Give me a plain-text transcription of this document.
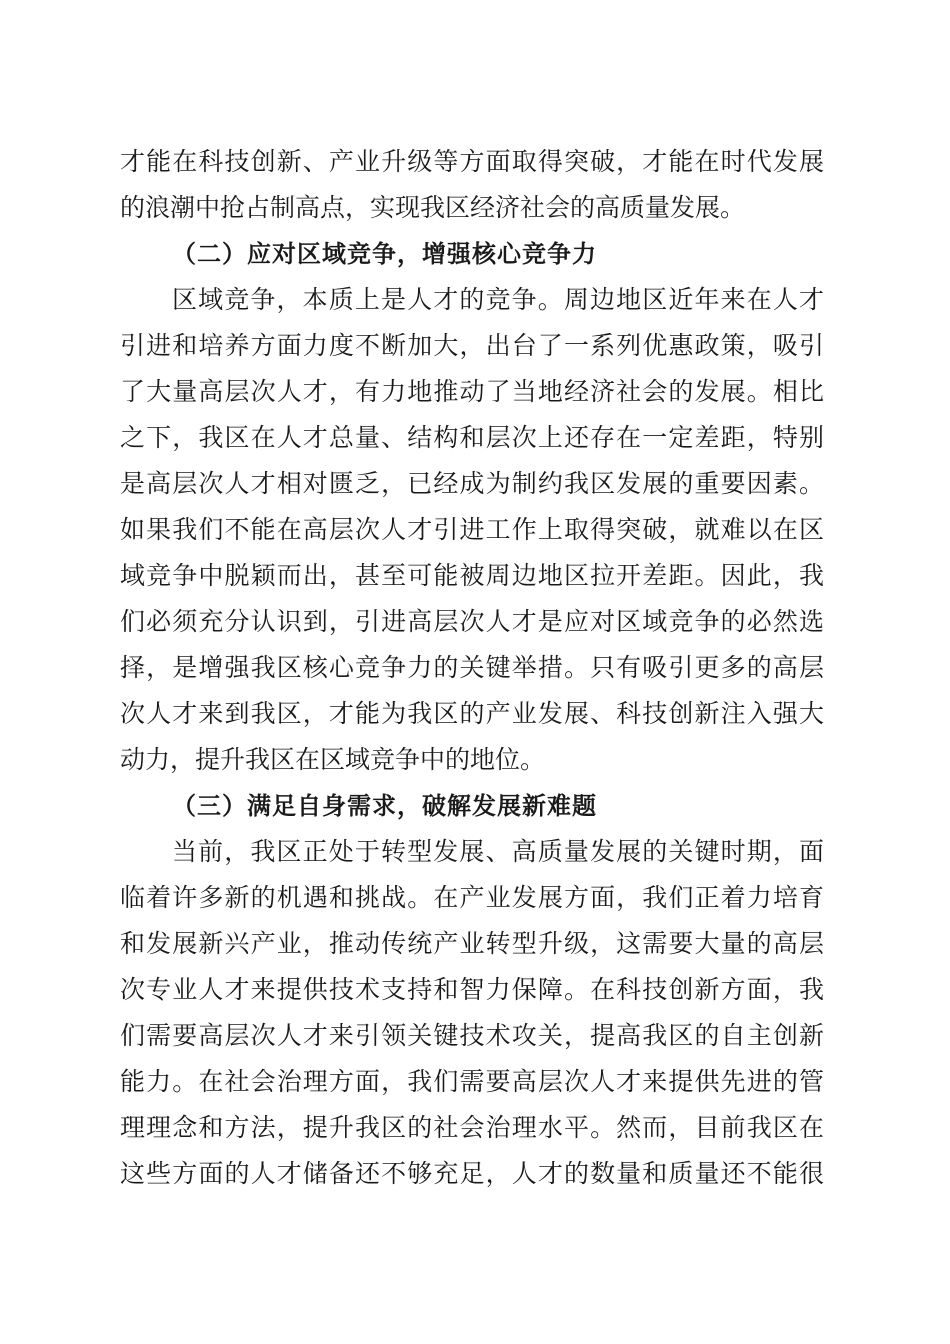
才能在科技创新、产业升级等方面取得突破，才能在时代发展
的浪潮中抢占制高点，实现我区经济社会的高质量发展。
（二）应对区域竞争，增强核心竞争力
区域竞争，本质上是人才的竞争。周边地区近年来在人才
引进和培养方面力度不断加大，出台了一系列优惠政策，吸引
了大量高层次人才，有力地推动了当地经济社会的发展。相比
之下，我区在人才总量、结构和层次上还存在一定差距，特别
是高层次人才相对匮乏，已经成为制约我区发展的重要因素。
如果我们不能在高层次人才引进工作上取得突破，就难以在区
域竞争中脱颖而出，甚至可能被周边地区拉开差距。因此，我
们必须充分认识到，引进高层次人才是应对区域竞争的必然选
择，是增强我区核心竞争力的关键举措。只有吸引更多的高层
次人才来到我区，才能为我区的产业发展、科技创新注入强大
动力，提升我区在区域竞争中的地位。
（三）满足自身需求，破解发展新难题
当前，我区正处于转型发展、高质量发展的关键时期，面
临着许多新的机遇和挑战。在产业发展方面，我们正着力培育
和发展新兴产业，推动传统产业转型升级，这需要大量的高层
次专业人才来提供技术支持和智力保障。在科技创新方面，我
们需要高层次人才来引领关键技术攻关，提高我区的自主创新
能力。在社会治理方面，我们需要高层次人才来提供先进的管
理理念和方法，提升我区的社会治理水平。然而，目前我区在
这些方面的人才储备还不够充足，人才的数量和质量还不能很
